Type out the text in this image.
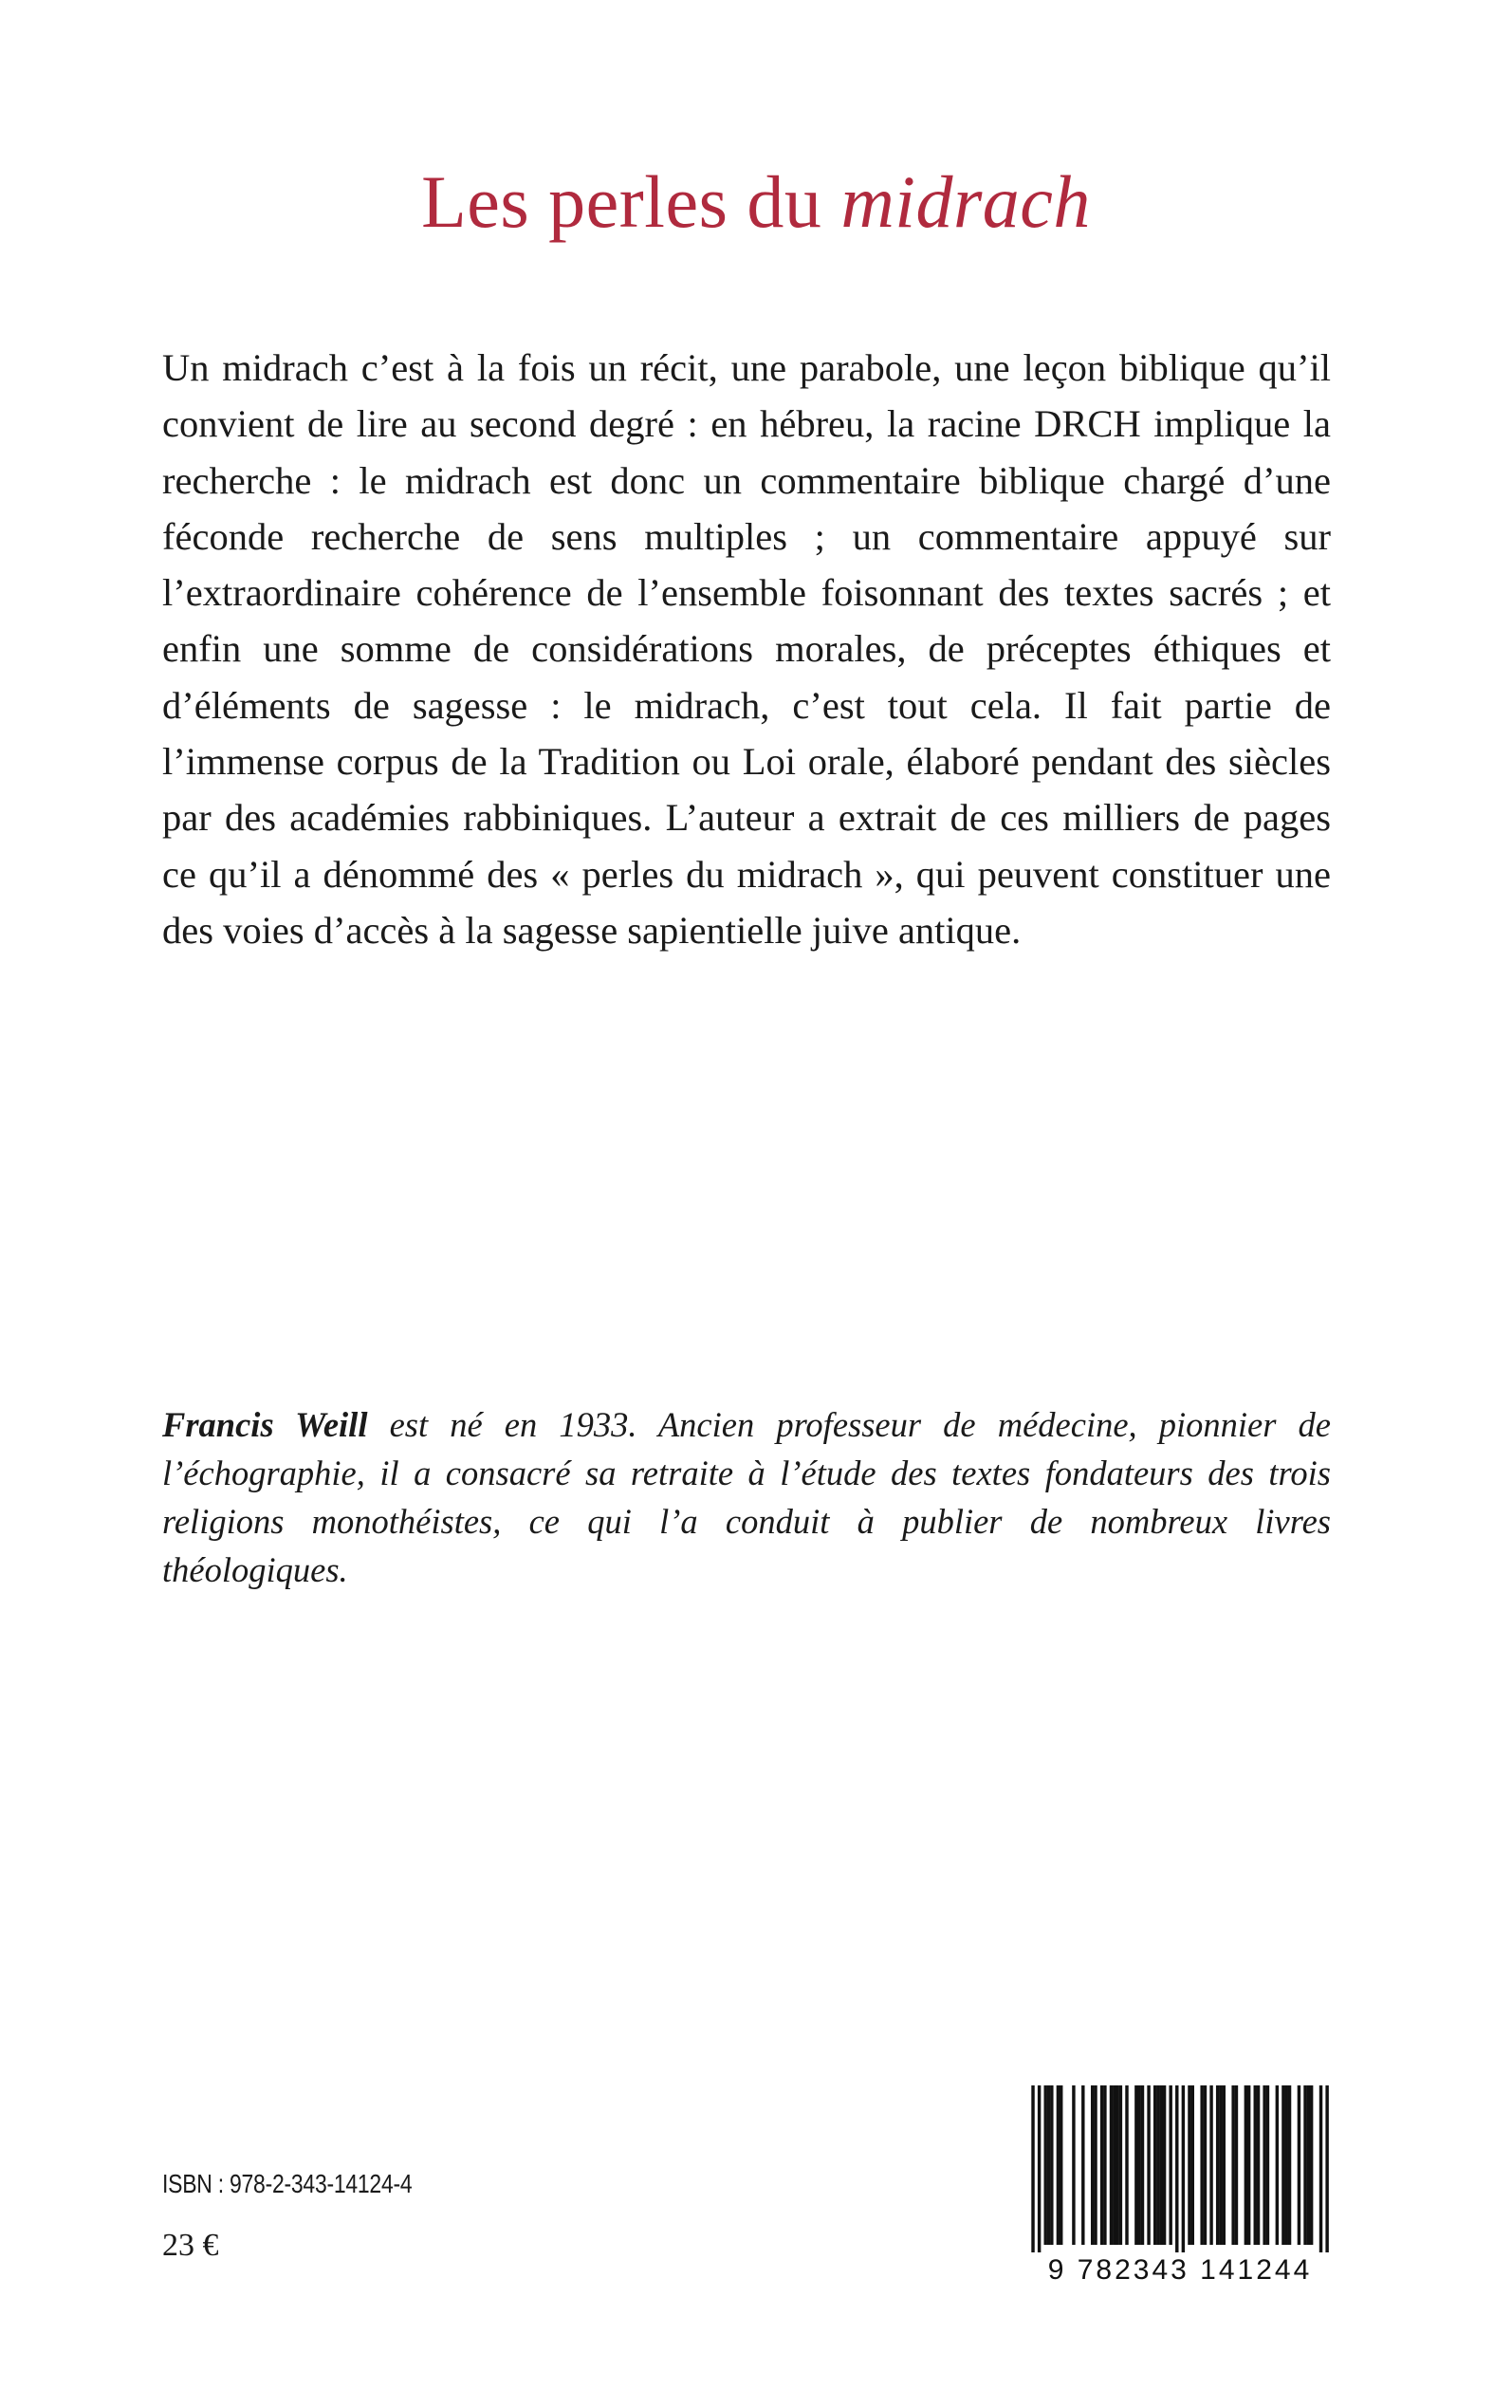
Les perles du midrach

Un midrach c’est à la fois un récit, une parabole, une leçon biblique qu’il convient de lire au second degré : en hébreu, la racine DRCH implique la recherche : le midrach est donc un commentaire biblique chargé d’une féconde recherche de sens multiples ; un commentaire appuyé sur l’extraordinaire cohérence de l’ensemble foisonnant des textes sacrés ; et enfin une somme de considérations morales, de préceptes éthiques et d’éléments de sagesse : le midrach, c’est tout cela. Il fait partie de l’immense corpus de la Tradition ou Loi orale, élaboré pendant des siècles par des académies rabbiniques. L’auteur a extrait de ces milliers de pages ce qu’il a dénommé des « perles du midrach », qui peuvent constituer une des voies d’accès à la sagesse sapientielle juive antique.

Francis Weill est né en 1933. Ancien professeur de médecine, pionnier de l’échographie, il a consacré sa retraite à l’étude des textes fondateurs des trois religions monothéistes, ce qui l’a conduit à publier de nombreux livres théologiques.

ISBN : 978-2-343-14124-4
23 €
9 782343 141244
